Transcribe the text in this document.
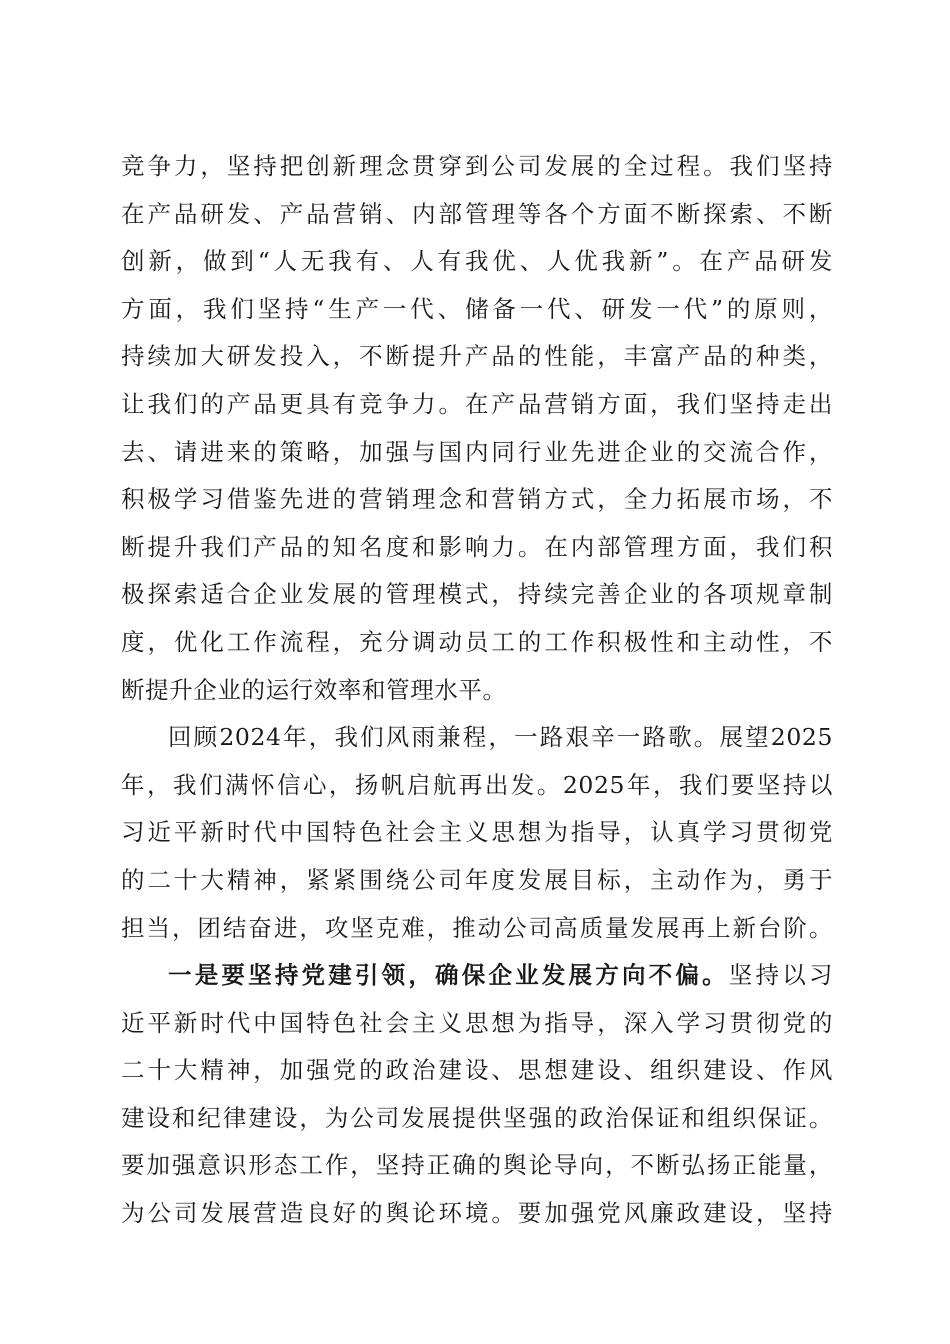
竞争力，坚持把创新理念贯穿到公司发展的全过程。我们坚持
在产品研发、产品营销、内部管理等各个方面不断探索、不断
创新，做到“人无我有、人有我优、人优我新”。在产品研发
方面，我们坚持“生产一代、储备一代、研发一代”的原则，
持续加大研发投入，不断提升产品的性能，丰富产品的种类，
让我们的产品更具有竞争力。在产品营销方面，我们坚持走出
去、请进来的策略，加强与国内同行业先进企业的交流合作，
积极学习借鉴先进的营销理念和营销方式，全力拓展市场，不
断提升我们产品的知名度和影响力。在内部管理方面，我们积
极探索适合企业发展的管理模式，持续完善企业的各项规章制
度，优化工作流程，充分调动员工的工作积极性和主动性，不
断提升企业的运行效率和管理水平。
回顾2024年，我们风雨兼程，一路艰辛一路歌。展望2025
年，我们满怀信心，扬帆启航再出发。2025年，我们要坚持以
习近平新时代中国特色社会主义思想为指导，认真学习贯彻党
的二十大精神，紧紧围绕公司年度发展目标，主动作为，勇于
担当，团结奋进，攻坚克难，推动公司高质量发展再上新台阶。
一是要坚持党建引领，确保企业发展方向不偏。坚持以习
近平新时代中国特色社会主义思想为指导，深入学习贯彻党的
二十大精神，加强党的政治建设、思想建设、组织建设、作风
建设和纪律建设，为公司发展提供坚强的政治保证和组织保证。
要加强意识形态工作，坚持正确的舆论导向，不断弘扬正能量，
为公司发展营造良好的舆论环境。要加强党风廉政建设，坚持
